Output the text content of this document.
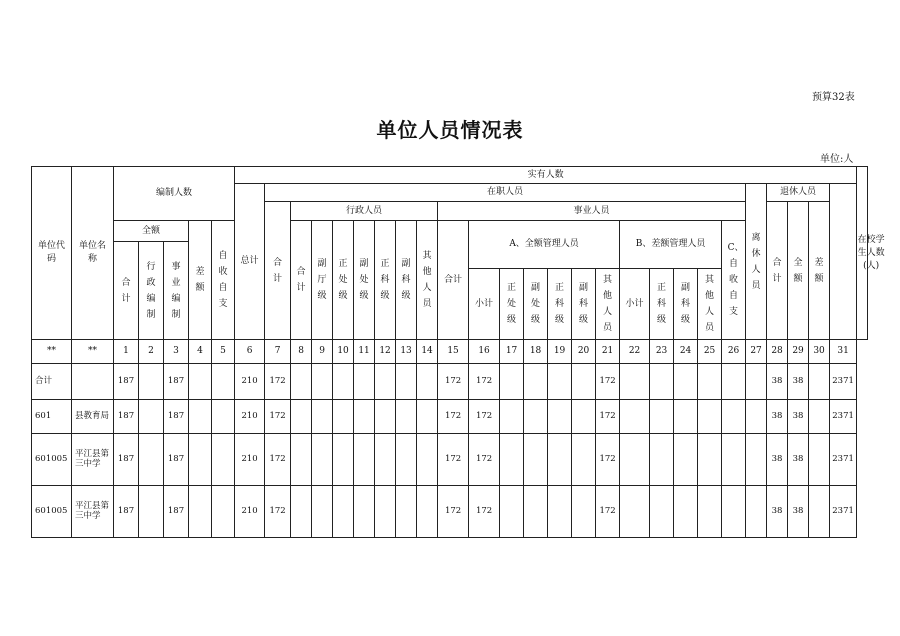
预算32表
单位人员情况表
单位:人
单位代码	单位名称	编制人数					实有人数																										在校学生人数(人)
							总计	在职人员																				离休人员	退休人员				
								合计	行政人员							事业人员													合计	全额	差额		
		全额			差额	自收自支			合计	副厅级	正处级	副处级	正科级	副科级	其他人员	合计	A、全额管理人员						B、差额管理人员				C、自收自支						
		合计	行政编制	事业编制																													
																	小计	正处级	副处级	正科级	副科级	其他人员	小计	正科级	副科级	其他人员							
**	**	1	2	3	4	5	6	7	8	9	10	11	12	13	14	15	16	17	18	19	20	21	22	23	24	25	26	27	28	29	30	31	
合计		187		187			210	172								172	172					172							38	38		2371	
601	县教育局	187		187			210	172								172	172					172							38	38		2371	
601005	平江县第三中学	187		187			210	172								172	172					172							38	38		2371	
601005	平江县第三中学	187		187			210	172								172	172					172							38	38		2371	
